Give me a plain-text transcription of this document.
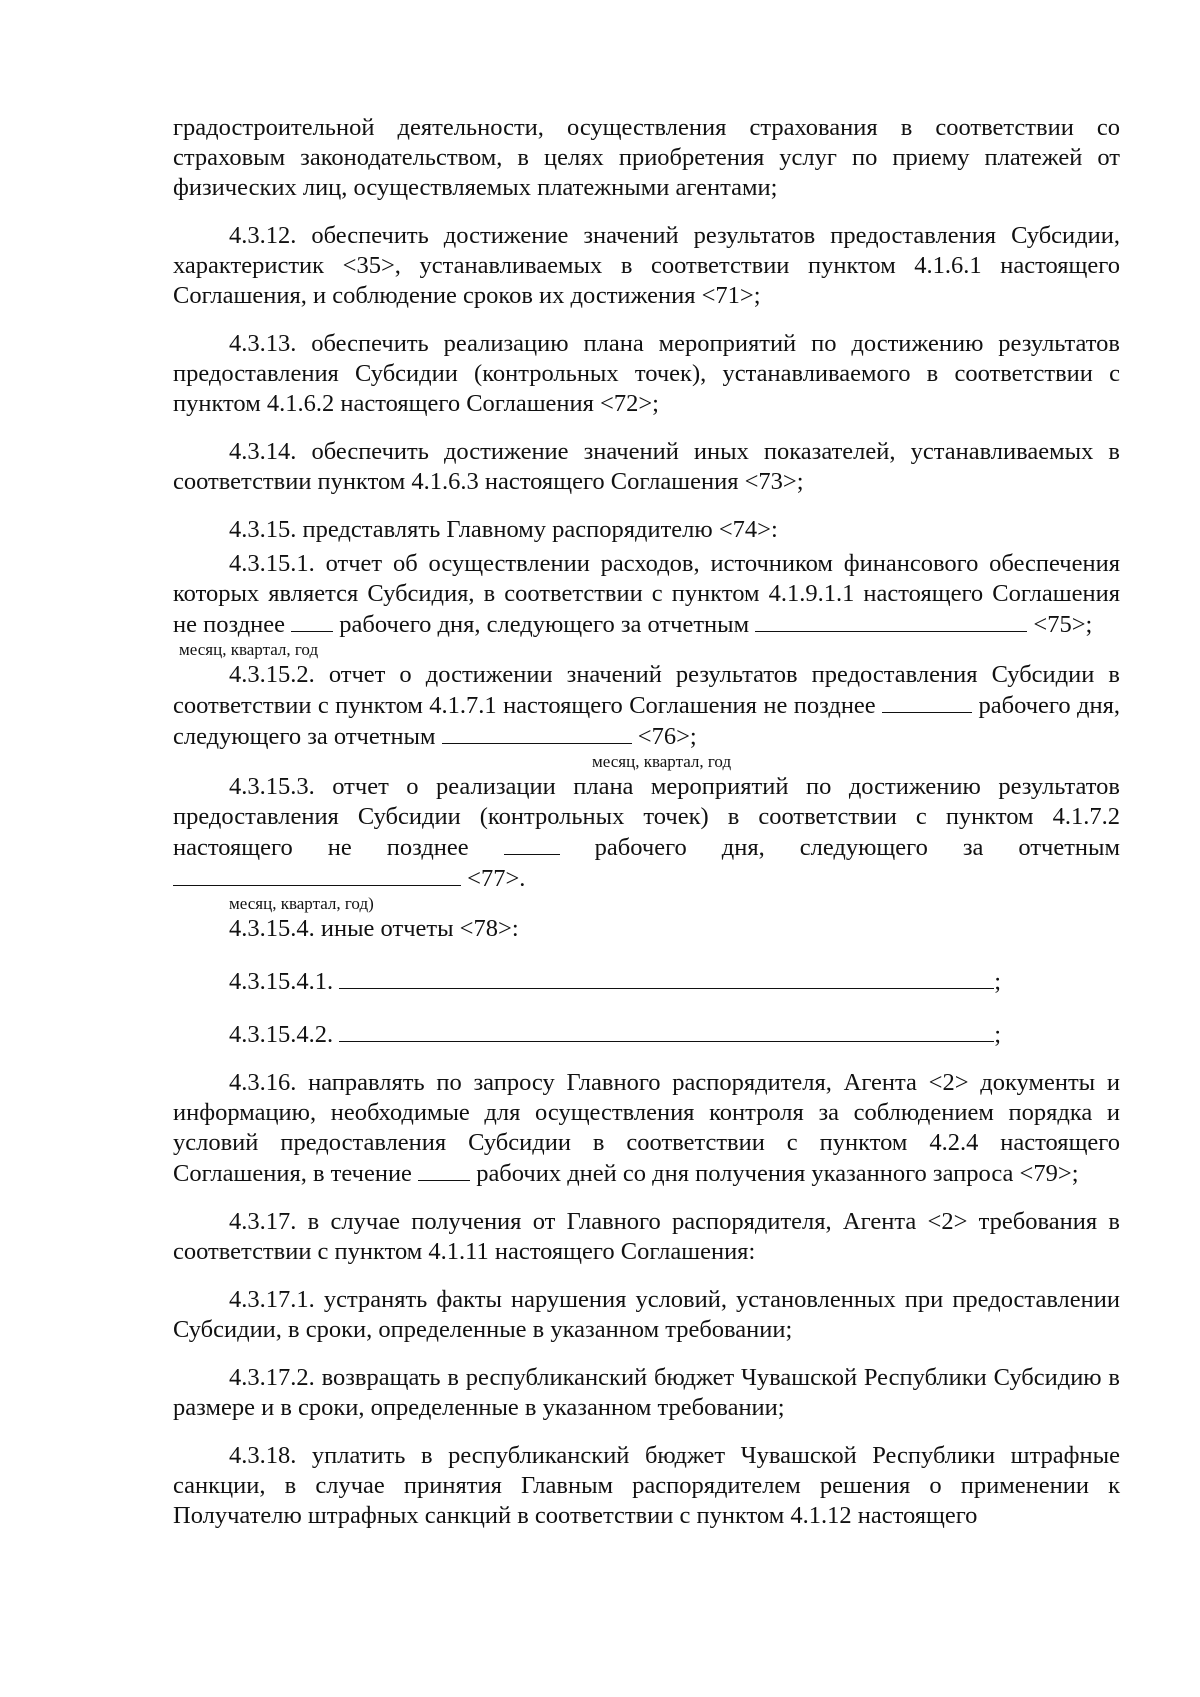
градостроительной деятельности, осуществления страхования в соответствии со страховым законодательством, в целях приобретения услуг по приему платежей от физических лиц, осуществляемых платежными агентами;

4.3.12. обеспечить достижение значений результатов предоставления Субсидии, характеристик <35>, устанавливаемых в соответствии пунктом 4.1.6.1 настоящего Соглашения, и соблюдение сроков их достижения <71>;

4.3.13. обеспечить реализацию плана мероприятий по достижению результатов предоставления Субсидии (контрольных точек), устанавливаемого в соответствии с пунктом 4.1.6.2 настоящего Соглашения <72>;

4.3.14. обеспечить достижение значений иных показателей, устанавливаемых в соответствии пунктом 4.1.6.3 настоящего Соглашения <73>;

4.3.15. представлять Главному распорядителю <74>:

4.3.15.1. отчет об осуществлении расходов, источником финансового обеспечения которых является Субсидия, в соответствии с пунктом 4.1.9.1.1 настоящего Соглашения не позднее рабочего дня, следующего за отчетным	<75>;

месяц, квартал, год

4.3.15.2. отчет о достижении значений результатов предоставления Субсидии в соответствии с пунктом 4.1.7.1 настоящего Соглашения не позднее	рабочего дня, следующего за отчетным	<76>;

месяц, квартал, год

4.3.15.3. отчет о реализации плана мероприятий по достижению результатов предоставления Субсидии (контрольных точек) в соответствии с пунктом 4.1.7.2 настоящего не позднее	рабочего дня, следующего за отчетным  <77>.

месяц, квартал, год)

4.3.15.4. иные отчеты <78>:

4.3.15.4.1.	;
4.3.15.4.2.	;

4.3.16. направлять по запросу Главного распорядителя, Агента <2> документы и информацию, необходимые для осуществления контроля за соблюдением порядка и условий предоставления Субсидии в соответствии с пунктом 4.2.4 настоящего Соглашения, в течение	рабочих дней со дня получения указанного запроса <79>;

4.3.17. в случае получения от Главного распорядителя, Агента <2> требования в соответствии с пунктом 4.1.11 настоящего Соглашения:

4.3.17.1. устранять факты нарушения условий, установленных при предоставлении Субсидии, в сроки, определенные в указанном требовании;

4.3.17.2. возвращать в республиканский бюджет Чувашской Республики Субсидию в размере и в сроки, определенные в указанном требовании;

4.3.18. уплатить в республиканский бюджет Чувашской Республики штрафные санкции, в случае принятия Главным распорядителем решения о применении к Получателю штрафных санкций в соответствии с пунктом 4.1.12 настоящего
